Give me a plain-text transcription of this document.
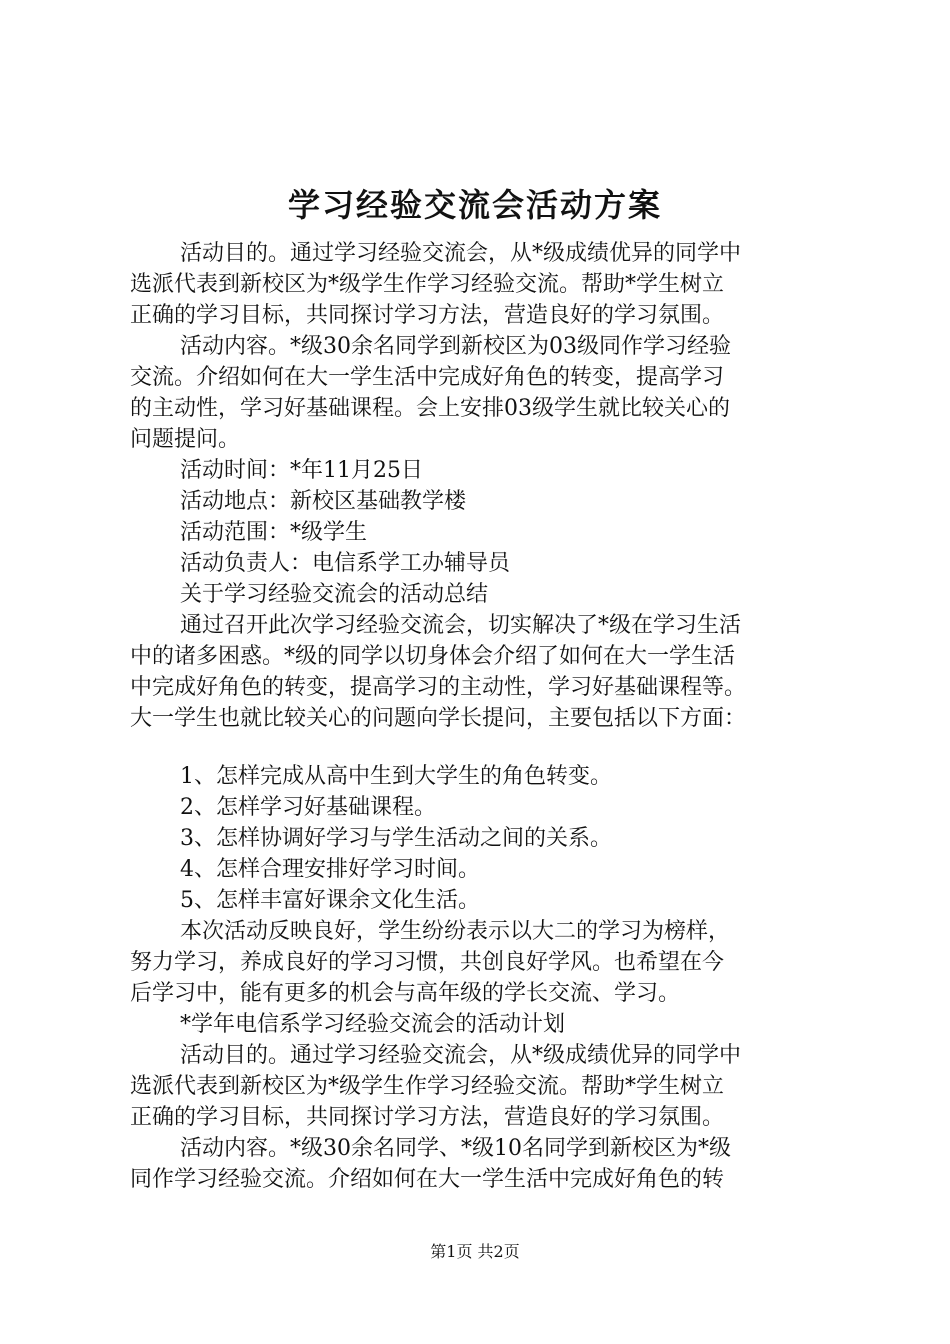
学习经验交流会活动方案
活动目的。通过学习经验交流会，从*级成绩优异的同学中
选派代表到新校区为*级学生作学习经验交流。帮助*学生树立
正确的学习目标，共同探讨学习方法，营造良好的学习氛围。
活动内容。*级30余名同学到新校区为03级同作学习经验
交流。介绍如何在大一学生活中完成好角色的转变，提高学习
的主动性，学习好基础课程。会上安排03级学生就比较关心的
问题提问。
活动时间：*年11月25日
活动地点：新校区基础教学楼
活动范围：*级学生
活动负责人：电信系学工办辅导员
关于学习经验交流会的活动总结
通过召开此次学习经验交流会，切实解决了*级在学习生活
中的诸多困惑。*级的同学以切身体会介绍了如何在大一学生活
中完成好角色的转变，提高学习的主动性，学习好基础课程等。
大一学生也就比较关心的问题向学长提问，主要包括以下方面：
1、怎样完成从高中生到大学生的角色转变。
2、怎样学习好基础课程。
3、怎样协调好学习与学生活动之间的关系。
4、怎样合理安排好学习时间。
5、怎样丰富好课余文化生活。
本次活动反映良好，学生纷纷表示以大二的学习为榜样，
努力学习，养成良好的学习习惯，共创良好学风。也希望在今
后学习中，能有更多的机会与高年级的学长交流、学习。
*学年电信系学习经验交流会的活动计划
活动目的。通过学习经验交流会，从*级成绩优异的同学中
选派代表到新校区为*级学生作学习经验交流。帮助*学生树立
正确的学习目标，共同探讨学习方法，营造良好的学习氛围。
活动内容。*级30余名同学、*级10名同学到新校区为*级
同作学习经验交流。介绍如何在大一学生活中完成好角色的转
第1页 共2页
